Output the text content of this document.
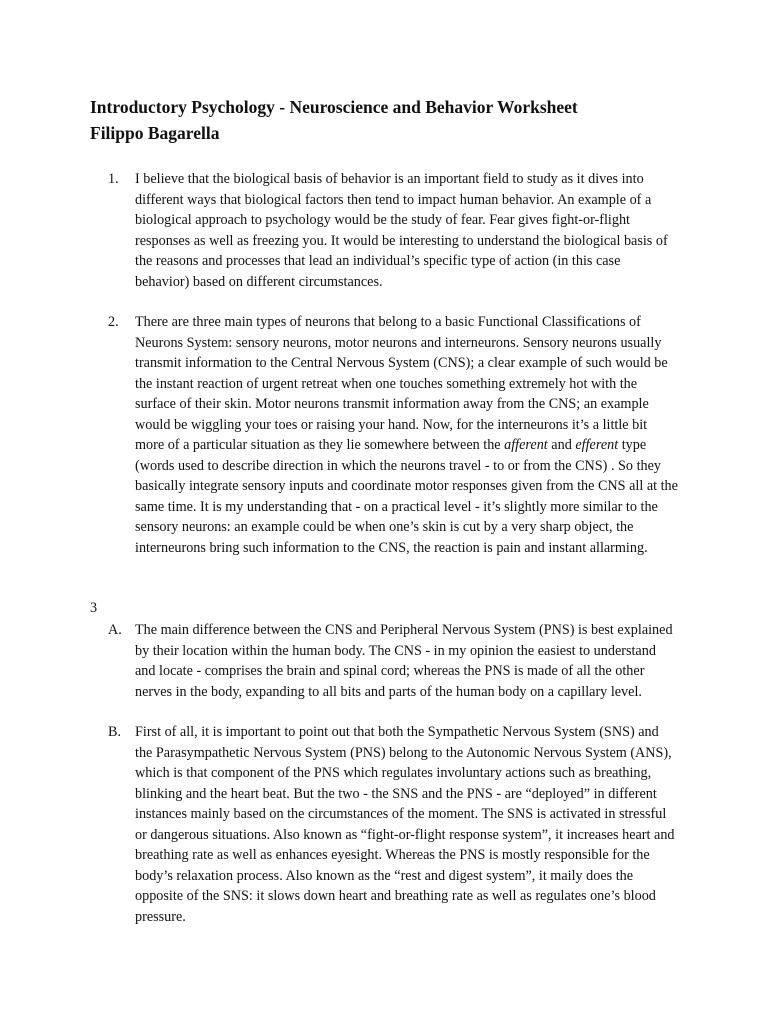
Introductory Psychology - Neuroscience and Behavior Worksheet
Filippo Bagarella
1.	I believe that the biological basis of behavior is an important field to study as it dives into different ways that biological factors then tend to impact human behavior. An example of a biological approach to psychology would be the study of fear. Fear gives fight-or-flight responses as well as freezing you. It would be interesting to understand the biological basis of the reasons and processes that lead an individual’s specific type of action (in this case behavior) based on different circumstances.

2.	There are three main types of neurons that belong to a basic Functional Classifications of Neurons System: sensory neurons, motor neurons and interneurons. Sensory neurons usually transmit information to the Central Nervous System (CNS); a clear example of such would be the instant reaction of urgent retreat when one touches something extremely hot with the surface of their skin. Motor neurons transmit information away from the CNS; an example would be wiggling your toes or raising your hand. Now, for the interneurons it’s a little bit more of a particular situation as they lie somewhere between the afferent and efferent type (words used to describe direction in which the neurons travel - to or from the CNS) . So they basically integrate sensory inputs and coordinate motor responses given from the CNS all at the same time. It is my understanding that - on a practical level - it’s slightly more similar to the sensory neurons: an example could be when one’s skin is cut by a very sharp object, the interneurons bring such information to the CNS, the reaction is pain and instant allarming.

3
A. The main difference between the CNS and Peripheral Nervous System (PNS) is best explained by their location within the human body. The CNS - in my opinion the easiest to understand and locate - comprises the brain and spinal cord; whereas the PNS is made of all the other nerves in the body, expanding to all bits and parts of the human body on a capillary level.

B. First of all, it is important to point out that both the Sympathetic Nervous System (SNS) and the Parasympathetic Nervous System (PNS) belong to the Autonomic Nervous System (ANS), which is that component of the PNS which regulates involuntary actions such as breathing, blinking and the heart beat. But the two - the SNS and the PNS - are “deployed” in different instances mainly based on the circumstances of the moment. The SNS is activated in stressful or dangerous situations. Also known as “fight-or-flight response system”, it increases heart and breathing rate as well as enhances eyesight. Whereas the PNS is mostly responsible for the body’s relaxation process. Also known as the “rest and digest system”, it maily does the opposite of the SNS: it slows down heart and breathing rate as well as regulates one’s blood pressure.
